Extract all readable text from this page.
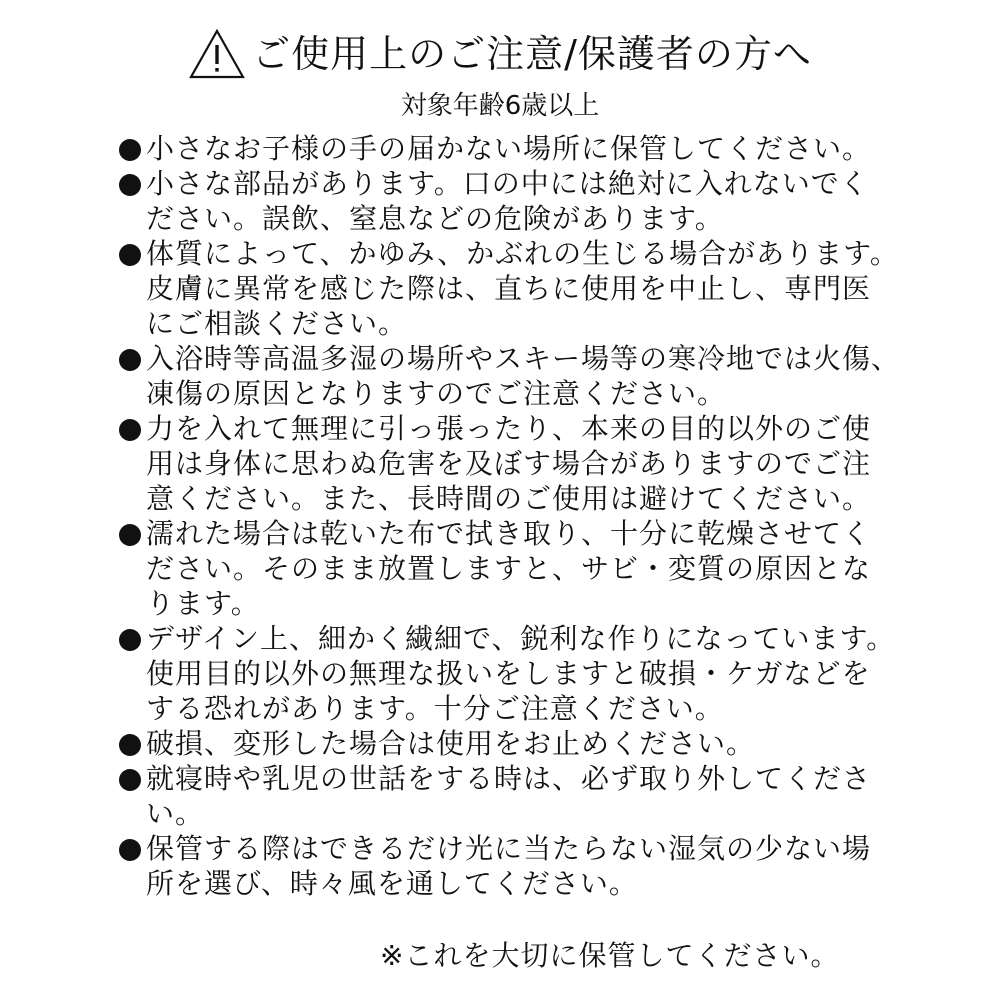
ご使用上のご注意/保護者の方へ
対象年齢6歳以上
小さなお子様の手の届かない場所に保管してください。
小さな部品があります。口の中には絶対に入れないでく
ださい。誤飲、窒息などの危険があります。
体質によって、かゆみ、かぶれの生じる場合があります。
皮膚に異常を感じた際は、直ちに使用を中止し、専門医
にご相談ください。
入浴時等高温多湿の場所やスキー場等の寒冷地では火傷、
凍傷の原因となりますのでご注意ください。
力を入れて無理に引っ張ったり、本来の目的以外のご使
用は身体に思わぬ危害を及ぼす場合がありますのでご注
意ください。また、長時間のご使用は避けてください。
濡れた場合は乾いた布で拭き取り、十分に乾燥させてく
ださい。そのまま放置しますと、サビ・変質の原因とな
ります。
デザイン上、細かく繊細で、鋭利な作りになっています。
使用目的以外の無理な扱いをしますと破損・ケガなどを
する恐れがあります。十分ご注意ください。
破損、変形した場合は使用をお止めください。
就寝時や乳児の世話をする時は、必ず取り外してくださ
い。
保管する際はできるだけ光に当たらない湿気の少ない場
所を選び、時々風を通してください。
※これを大切に保管してください。
